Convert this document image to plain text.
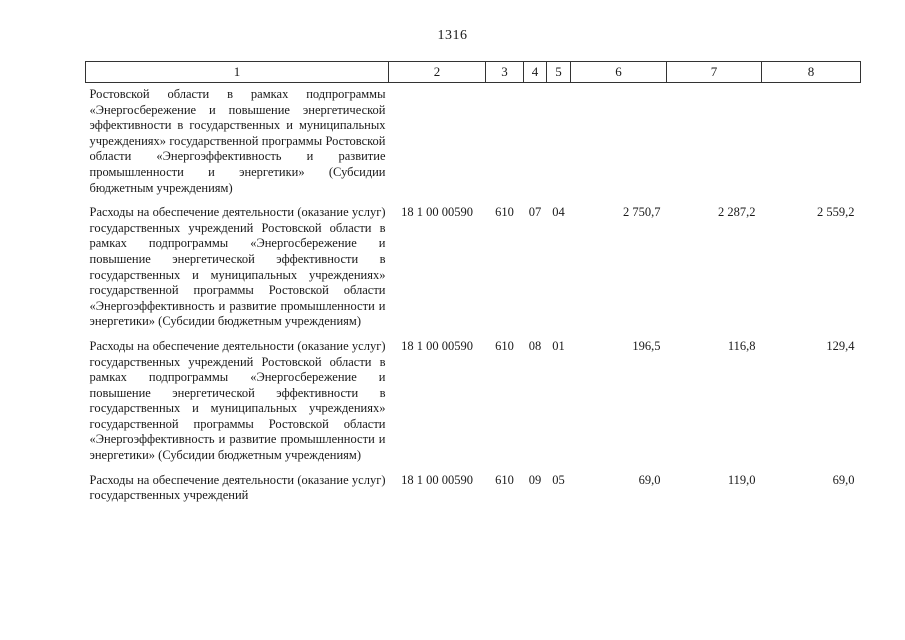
1316
1	2	3	4	5	6	7	8
Ростовской области в рамках подпрограммы «Энергосбережение и повышение энергетической эффективности в государственных и муниципальных учреждениях» государственной программы Ростовской области «Энергоэффективность и развитие промышленности и энергетики» (Субсидии бюджетным учреждениям)							
Расходы на обеспечение деятельности (оказание услуг) государственных учреждений Ростовской области в рамках подпрограммы «Энергосбережение и повышение энергетической эффективности в государственных и муниципальных учреждениях» государственной программы Ростовской области «Энергоэффективность и развитие промышленности и энергетики» (Субсидии бюджетным учреждениям)	18 1 00 00590	610	07	04	2 750,7	2 287,2	2 559,2
Расходы на обеспечение деятельности (оказание услуг) государственных учреждений Ростовской области в рамках подпрограммы «Энергосбережение и повышение энергетической эффективности в государственных и муниципальных учреждениях» государственной программы Ростовской области «Энергоэффективность и развитие промышленности и энергетики» (Субсидии бюджетным учреждениям)	18 1 00 00590	610	08	01	196,5	116,8	129,4
Расходы на обеспечение деятельности (оказание услуг) государственных учреждений	18 1 00 00590	610	09	05	69,0	119,0	69,0
